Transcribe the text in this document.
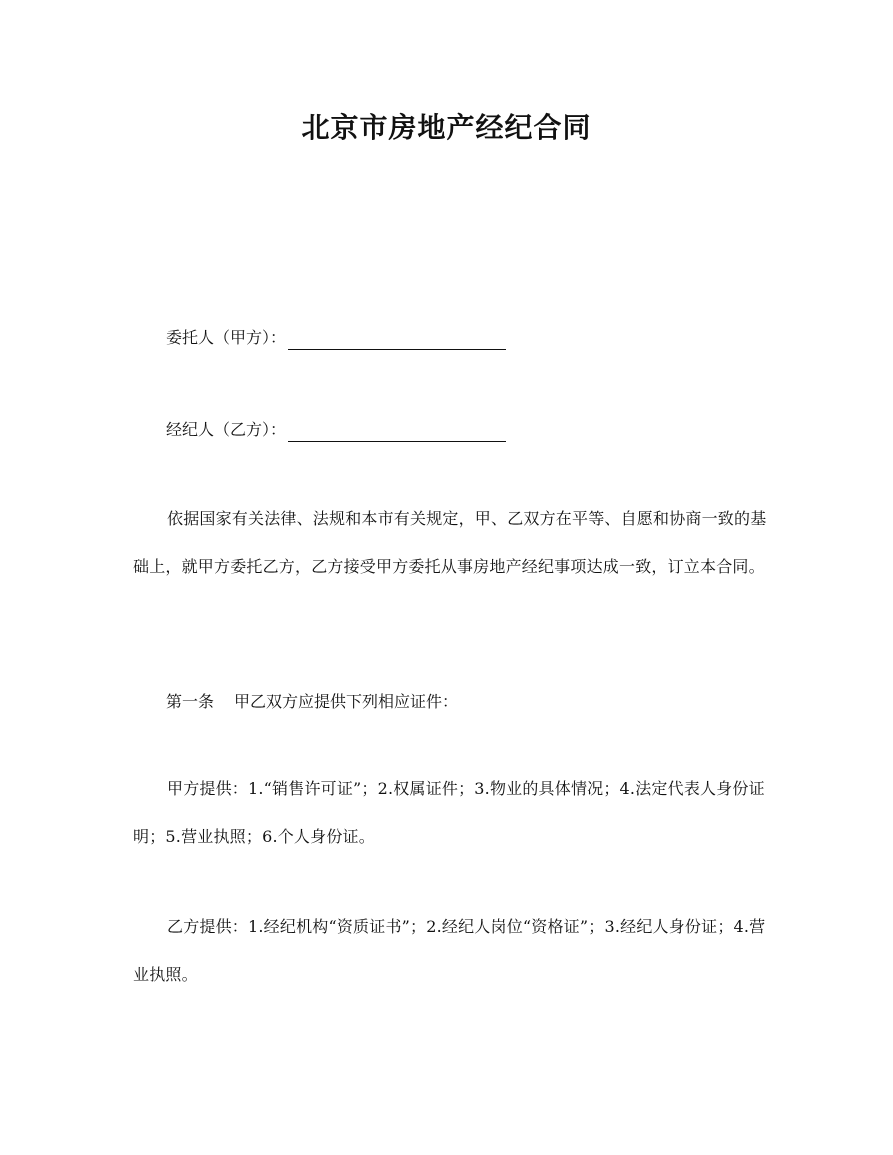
北京市房地产经纪合同
委托人（甲方）：
经纪人（乙方）：

依据国家有关法律、法规和本市有关规定，甲、乙双方在平等、自愿和协商一致的基础上，就甲方委托乙方，乙方接受甲方委托从事房地产经纪事项达成一致，订立本合同。

第一条 甲乙双方应提供下列相应证件：

甲方提供：1.“销售许可证”；2.权属证件；3.物业的具体情况；4.法定代表人身份证明；5.营业执照；6.个人身份证。

乙方提供：1.经纪机构“资质证书”；2.经纪人岗位“资格证”；3.经纪人身份证；4.营业执照。
